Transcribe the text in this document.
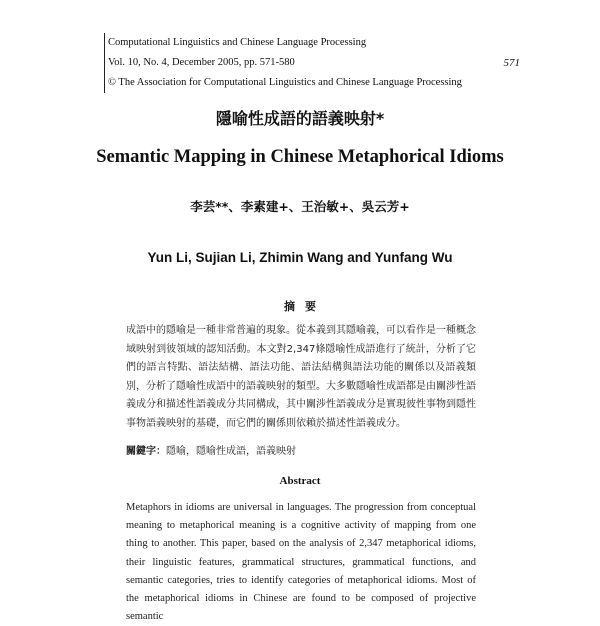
Computational Linguistics and Chinese Language Processing
Vol. 10, No. 4, December 2005, pp. 571-580	571
© The Association for Computational Linguistics and Chinese Language Processing
隱喻性成語的語義映射*
Semantic Mapping in Chinese Metaphorical Idioms
李芸**、李素建+、王治敏+、吳云芳+
Yun Li, Sujian Li, Zhimin Wang and Yunfang Wu
摘要

成語中的隱喻是一種非常普遍的現象。從本義到其隱喻義，可以看作是一種概念域映射到彼領域的認知活動。本文對2,347條隱喻性成語進行了統計，分析了它們的語言特點、語法結構、語法功能、語法結構與語法功能的關係以及語義類別，分析了隱喻性成語中的語義映射的類型。大多數隱喻性成語都是由關涉性語義成分和描述性語義成分共同構成，其中關涉性語義成分是實現彼性事物到隱性事物語義映射的基礎，而它們的關係則依賴於描述性語義成分。

關鍵字：隱喻，隱喻性成語，語義映射
Abstract

Metaphors in idioms are universal in languages. The progression from conceptual meaning to metaphorical meaning is a cognitive activity of mapping from one thing to another. This paper, based on the analysis of 2,347 metaphorical idioms, their linguistic features, grammatical structures, grammatical functions, and semantic categories, tries to identify categories of metaphorical idioms. Most of the metaphorical idioms in Chinese are found to be composed of projective semantic
